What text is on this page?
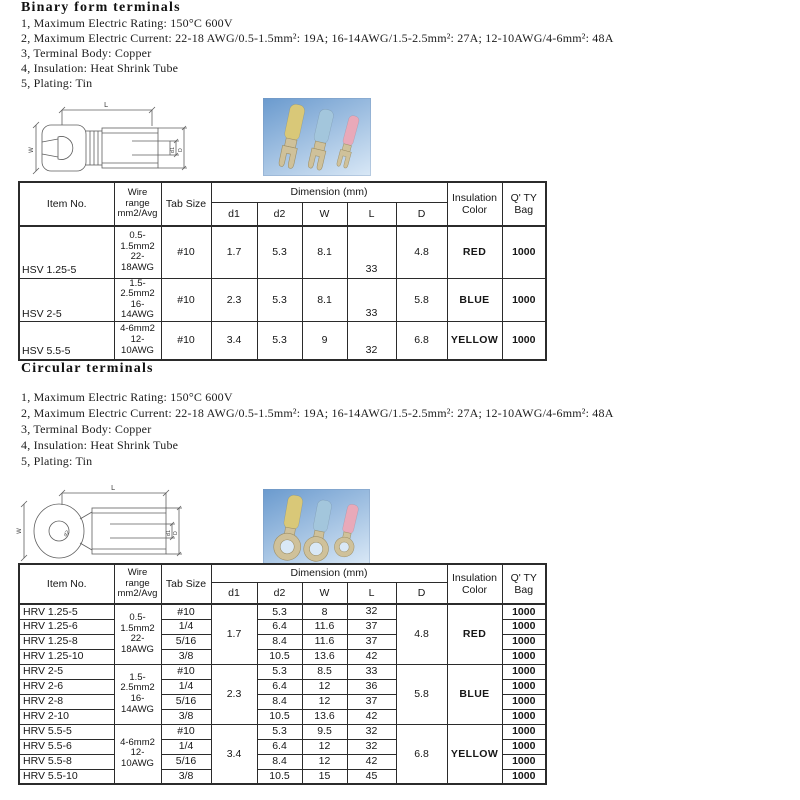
Binary form terminals
1, Maximum Electric Rating: 150°C 600V
2, Maximum Electric Current: 22-18 AWG/0.5-1.5mm²: 19A; 16-14AWG/1.5-2.5mm²: 27A; 12-10AWG/4-6mm²: 48A
3, Terminal Body: Copper
4, Insulation: Heat Shrink Tube
5, Plating: Tin
L
W	d1 D
Item No.	Wire
range
mm2/Avg	Tab Size	Dimension (mm)					Insulation
Color	Q' TY
Bag
			d1	d2	W	L	D		
HSV 1.25-5	0.5-
1.5mm2
22-
18AWG	#10	1.7	5.3	8.1	33	4.8	RED	1000
HSV 2-5	1.5-
2.5mm2
16-14AWG	#10	2.3	5.3	8.1	33	5.8	BLUE	1000
HSV 5.5-5	4-6mm2
12-
10AWG	#10	3.4	5.3	9	32	6.8	YELLOW	1000
Circular terminals
1, Maximum Electric Rating: 150°C 600V
2, Maximum Electric Current: 22-18 AWG/0.5-1.5mm²: 19A; 16-14AWG/1.5-2.5mm²: 27A; 12-10AWG/4-6mm²: 48A
3, Terminal Body: Copper
4, Insulation: Heat Shrink Tube
5, Plating: Tin
L
W	d2	d1 D
Item No.	Wire
range
mm2/Avg	Tab Size	Dimension (mm)					Insulation
Color	Q' TY
Bag
			d1	d2	W	L	D		
HRV 1.25-5	0.5-
1.5mm2
22-
18AWG	#10	1.7	5.3	8	32	4.8	RED	1000
HRV 1.25-6		1/4		6.4	11.6	37			1000
HRV 1.25-8		5/16		8.4	11.6	37			1000
HRV 1.25-10		3/8		10.5	13.6	42			1000
HRV 2-5	1.5-
2.5mm2
16-14AWG	#10	2.3	5.3	8.5	33	5.8	BLUE	1000
HRV 2-6		1/4		6.4	12	36			1000
HRV 2-8		5/16		8.4	12	37			1000
HRV 2-10		3/8		10.5	13.6	42			1000
HRV 5.5-5	4-6mm2
12-
10AWG	#10	3.4	5.3	9.5	32	6.8	YELLOW	1000
HRV 5.5-6		1/4		6.4	12	32			1000
HRV 5.5-8		5/16		8.4	12	42			1000
HRV 5.5-10		3/8		10.5	15	45			1000
